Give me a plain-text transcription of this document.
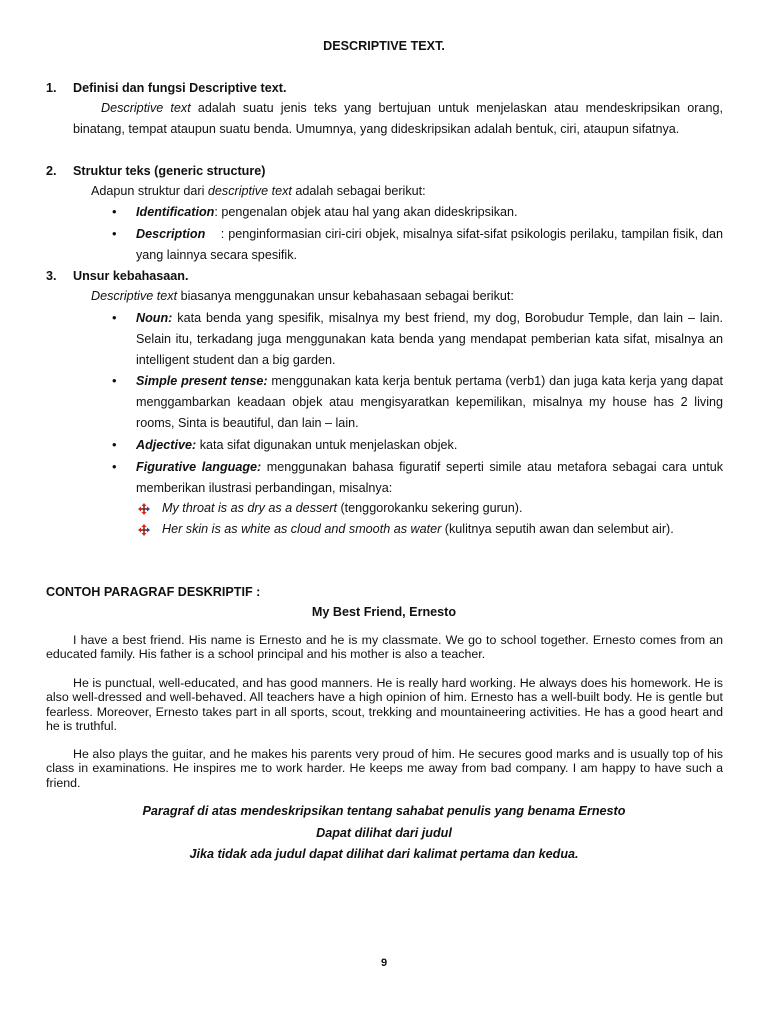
DESCRIPTIVE TEXT.
1. Definisi dan fungsi Descriptive text.
Descriptive text adalah suatu jenis teks yang bertujuan untuk menjelaskan atau mendeskripsikan orang, binatang, tempat ataupun suatu benda. Umumnya, yang dideskripsikan adalah bentuk, ciri, ataupun sifatnya.
2. Struktur teks (generic structure)
Adapun struktur dari descriptive text adalah sebagai berikut:
• Identification: pengenalan objek atau hal yang akan dideskripsikan.
• Description    : penginformasian ciri-ciri objek, misalnya sifat-sifat psikologis perilaku, tampilan fisik, dan yang lainnya secara spesifik.
3. Unsur kebahasaan.
Descriptive text biasanya menggunakan unsur kebahasaan sebagai berikut:
• Noun: kata benda yang spesifik, misalnya my best friend, my dog, Borobudur Temple, dan lain – lain. Selain itu, terkadang juga menggunakan kata benda yang mendapat pemberian kata sifat, misalnya an intelligent student dan a big garden.
• Simple present tense: menggunakan kata kerja bentuk pertama (verb1) dan juga kata kerja yang dapat menggambarkan keadaan objek atau mengisyaratkan kepemilikan, misalnya my house has 2 living rooms, Sinta is beautiful, dan lain – lain.
• Adjective: kata sifat digunakan untuk menjelaskan objek.
• Figurative language: menggunakan bahasa figuratif seperti simile atau metafora sebagai cara untuk memberikan ilustrasi perbandingan, misalnya:
My throat is as dry as a dessert (tenggorokanku sekering gurun).
Her skin is as white as cloud and smooth as water (kulitnya seputih awan dan selembut air).
CONTOH PARAGRAF DESKRIPTIF :
My Best Friend, Ernesto
I have a best friend. His name is Ernesto and he is my classmate. We go to school together. Ernesto comes from an educated family. His father is a school principal and his mother is also a teacher.
He is punctual, well-educated, and has good manners. He is really hard working. He always does his homework. He is also well-dressed and well-behaved. All teachers have a high opinion of him. Ernesto has a well-built body. He is gentle but fearless. Moreover, Ernesto takes part in all sports, scout, trekking and mountaineering activities. He has a good heart and he is truthful.
He also plays the guitar, and he makes his parents very proud of him. He secures good marks and is usually top of his class in examinations. He inspires me to work harder. He keeps me away from bad company. I am happy to have such a friend.
Paragraf di atas mendeskripsikan tentang sahabat penulis yang benama Ernesto
Dapat dilihat dari judul
Jika tidak ada judul dapat dilihat dari kalimat pertama dan kedua.
9
